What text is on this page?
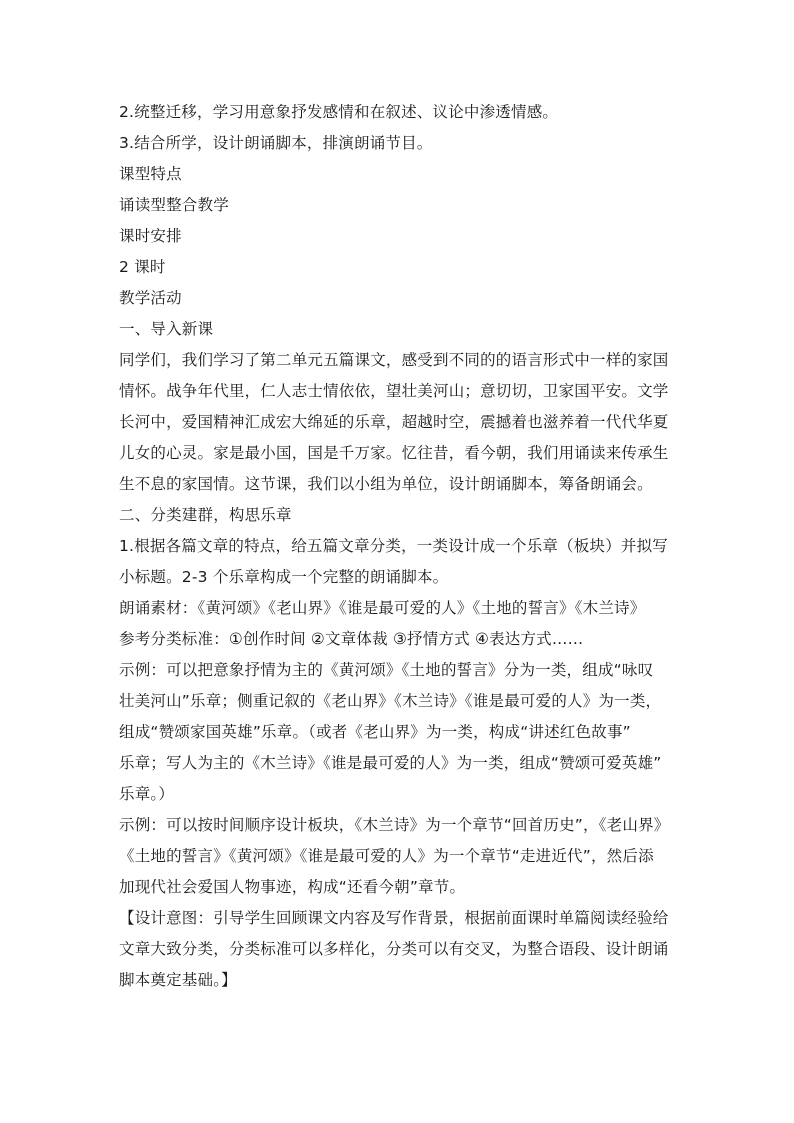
2.统整迁移，学习用意象抒发感情和在叙述、议论中渗透情感。
3.结合所学，设计朗诵脚本，排演朗诵节目。
课型特点
诵读型整合教学
课时安排
2 课时
教学活动
一、导入新课
同学们，我们学习了第二单元五篇课文，感受到不同的的语言形式中一样的家国
情怀。战争年代里，仁人志士情依依，望壮美河山；意切切，卫家国平安。文学
长河中，爱国精神汇成宏大绵延的乐章，超越时空，震撼着也滋养着一代代华夏
儿女的心灵。家是最小国，国是千万家。忆往昔，看今朝，我们用诵读来传承生
生不息的家国情。这节课，我们以小组为单位，设计朗诵脚本，筹备朗诵会。
二、分类建群，构思乐章
1.根据各篇文章的特点，给五篇文章分类，一类设计成一个乐章（板块）并拟写
小标题。2-3 个乐章构成一个完整的朗诵脚本。
朗诵素材：《黄河颂》《老山界》《谁是最可爱的人》《土地的誓言》《木兰诗》
参考分类标准：①创作时间 ②文章体裁 ③抒情方式 ④表达方式……
示例：可以把意象抒情为主的《黄河颂》《土地的誓言》分为一类，组成“咏叹
壮美河山”乐章；侧重记叙的《老山界》《木兰诗》《谁是最可爱的人》为一类，
组成“赞颂家国英雄”乐章。（或者《老山界》为一类，构成“讲述红色故事”
乐章；写人为主的《木兰诗》《谁是最可爱的人》为一类，组成“赞颂可爱英雄”
乐章。）
示例：可以按时间顺序设计板块，《木兰诗》为一个章节“回首历史”，《老山界》
《土地的誓言》《黄河颂》《谁是最可爱的人》为一个章节“走进近代”，然后添
加现代社会爱国人物事迹，构成“还看今朝”章节。
【设计意图：引导学生回顾课文内容及写作背景，根据前面课时单篇阅读经验给
文章大致分类，分类标准可以多样化，分类可以有交叉，为整合语段、设计朗诵
脚本奠定基础。】
